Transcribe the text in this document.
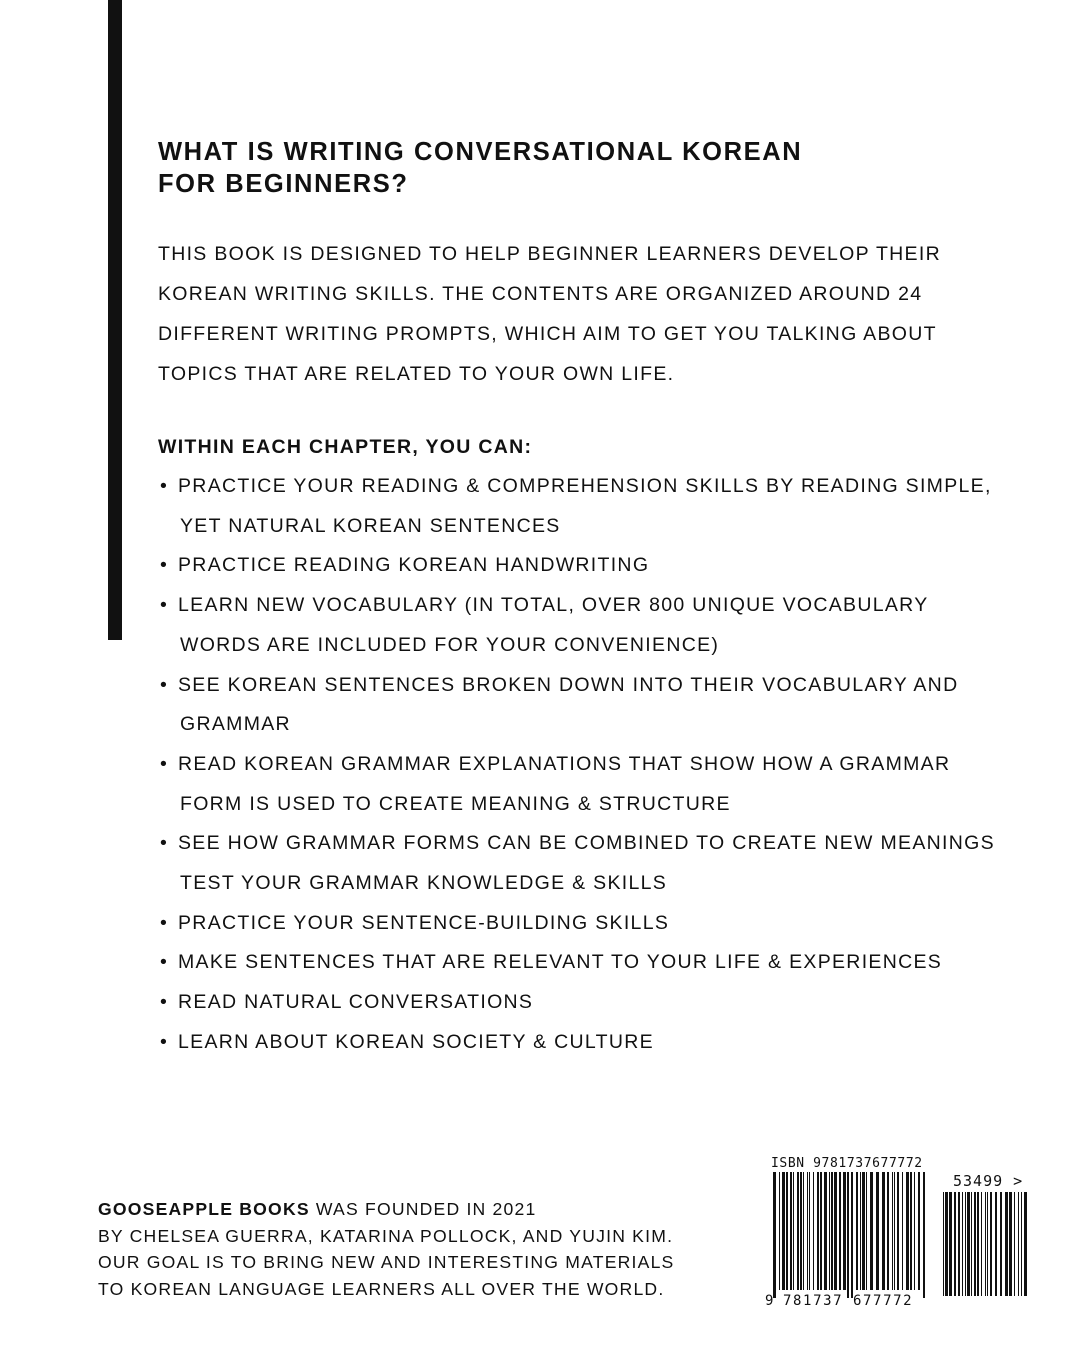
WHAT IS WRITING CONVERSATIONAL KOREAN
FOR BEGINNERS?

THIS BOOK IS DESIGNED TO HELP BEGINNER LEARNERS DEVELOP THEIR
KOREAN WRITING SKILLS. THE CONTENTS ARE ORGANIZED AROUND 24
DIFFERENT WRITING PROMPTS, WHICH AIM TO GET YOU TALKING ABOUT
TOPICS THAT ARE RELATED TO YOUR OWN LIFE.

WITHIN EACH CHAPTER, YOU CAN:
• PRACTICE YOUR READING & COMPREHENSION SKILLS BY READING SIMPLE,
YET NATURAL KOREAN SENTENCES
• PRACTICE READING KOREAN HANDWRITING
• LEARN NEW VOCABULARY (IN TOTAL, OVER 800 UNIQUE VOCABULARY
WORDS ARE INCLUDED FOR YOUR CONVENIENCE)
• SEE KOREAN SENTENCES BROKEN DOWN INTO THEIR VOCABULARY AND
GRAMMAR
• READ KOREAN GRAMMAR EXPLANATIONS THAT SHOW HOW A GRAMMAR
FORM IS USED TO CREATE MEANING & STRUCTURE
• SEE HOW GRAMMAR FORMS CAN BE COMBINED TO CREATE NEW MEANINGS
TEST YOUR GRAMMAR KNOWLEDGE & SKILLS
• PRACTICE YOUR SENTENCE-BUILDING SKILLS
• MAKE SENTENCES THAT ARE RELEVANT TO YOUR LIFE & EXPERIENCES
• READ NATURAL CONVERSATIONS
• LEARN ABOUT KOREAN SOCIETY & CULTURE

GOOSEAPPLE BOOKS WAS FOUNDED IN 2021
BY CHELSEA GUERRA, KATARINA POLLOCK, AND YUJIN KIM.
OUR GOAL IS TO BRING NEW AND INTERESTING MATERIALS
TO KOREAN LANGUAGE LEARNERS ALL OVER THE WORLD.

ISBN 9781737677772
53499 >
9 781737 677772
